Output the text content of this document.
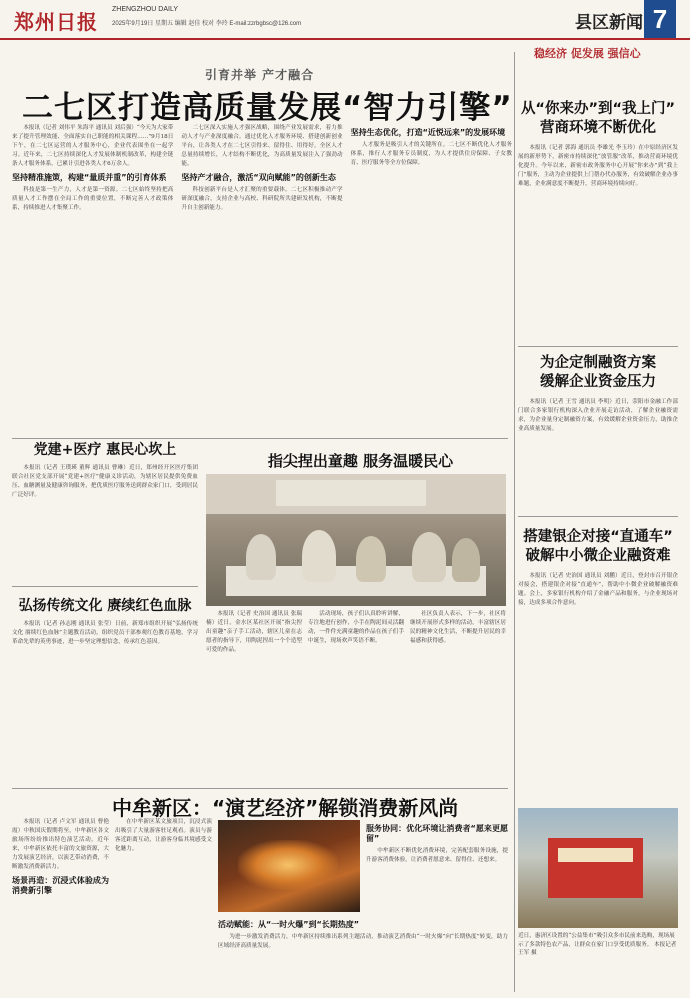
郑州日报
ZHENGZHOU DAILY
2025年9月19日 星期五 编辑 赵佳 校对 李玲 E-mail:zzrbgbsc@126.com	县区新闻 7
稳经济 促发展 强信心
引育并举 产才融合
二七区打造高质量发展“智力引擎”

本报讯（记者 刘伟平 朱海平 通讯员 刘后强）“今天为大家带来了提升管理效能、全面落实自己职能的相关课程……”9月18日下午，在二七区运营的人才服务中心，企业代表围坐在一起学习。近年来，二七区持续深化人才发展体制机制改革，构建全链条人才服务体系，已累计引进各类人才6万余人。

坚持精准施策，构建“量质并重”的引育体系

科技是第一生产力，人才是第一资源。二七区始终坚持把高质量人才工作摆在全局工作的重要位置，不断完善人才政策体系，持续推进人才集聚工作。

二七区深入实施人才强区战略，围绕产业发展需求，着力推动人才与产业深度融合。通过优化人才服务环境、搭建创新创业平台，让各类人才在二七区引得来、留得住、用得好。全区人才总量持续增长，人才结构不断优化，为高质量发展注入了强劲动能。

坚持产才融合，激活“双向赋能”的创新生态

科技创新平台是人才汇聚的重要载体。二七区积极推动产学研深度融合，支持企业与高校、科研院所共建研发机构，不断提升自主创新能力。

坚持生态优化，打造“近悦远来”的发展环境

人才服务是吸引人才的关键所在。二七区不断优化人才服务体系，推行人才服务专员制度，为人才提供住房保障、子女教育、医疗服务等全方位保障。

从“你来办”到“我上门”
营商环境不断优化

本报讯（记者 郭海 通讯员 李雄光 李玉玲）在中原经济区发展的新形势下，新密市持续深化“放管服”改革，推动营商环境优化提升。今年以来，新密市政务服务中心开展“你来办”到“我上门”服务，主动为企业提供上门帮办代办服务，有效破解企业办事难题，企业满意度不断提升，营商环境持续向好。

为企定制融资方案
缓解企业资金压力

本报讯（记者 王雪 通讯员 李明）近日，荥阳市金融工作部门联合多家银行机构深入企业开展走访活动，了解企业融资需求，为企业量身定制融资方案，有效缓解企业资金压力，助推企业高质量发展。

搭建银企对接“直通车”
破解中小微企业融资难

本报讯（记者 史治国 通讯员 刘鹏）近日，登封市召开银企对接会，搭建银企对接“直通车”，帮助中小微企业破解融资难题。会上，多家银行机构介绍了金融产品和服务，与企业现场对接，达成多项合作意向。

党建+医疗 惠民心坎上

本报讯（记者 王璞瑛 董辉 通讯员 曹琳）近日，郑州经开区医疗集团联合社区党支部开展“党建+医疗”健康义诊活动，为辖区居民提供免费血压、血糖测量及健康咨询服务，把优质医疗服务送到群众家门口，受到居民广泛好评。

弘扬传统文化 赓续红色血脉

本报讯（记者 孙志刚 通讯员 张莹）日前，新郑市组织开展“弘扬传统文化 赓续红色血脉”主题教育活动，组织党员干部参观红色教育基地，学习革命先辈的英勇事迹，进一步坚定理想信念，传承红色基因。

指尖捏出童趣 服务温暖民心

本报讯（记者 史治国 通讯员 张瑞楠）近日，金水区某社区开展“指尖捏出童趣”亲子手工活动，辖区儿童在志愿者的指导下，用陶泥捏出一个个造型可爱的作品。

活动现场，孩子们认真聆听讲解，专注地进行创作，小手在陶泥间灵活翻动，一件件充满童趣的作品在孩子们手中诞生，现场欢声笑语不断。

社区负责人表示，下一步，社区将继续开展形式多样的活动，丰富辖区居民的精神文化生活，不断提升居民的幸福感和获得感。

中牟新区：“演艺经济”解锁消费新风尚

本报讯（记者 卢文军 通讯员 曹艳霞）中秋国庆假期将至，中牟新区各文旅场所纷纷推出特色演艺活动。近年来，中牟新区依托丰富的文旅资源，大力发展演艺经济，以演艺带动消费，不断激发消费新活力。

场景再造：沉浸式体验成为消费新引擎

在中牟新区某文旅项目，沉浸式演出吸引了大量游客驻足观看。演员与游客近距离互动，让游客身临其境感受文化魅力。

服务协同：优化环境让消费者“愿来更愿留”

中牟新区不断优化消费环境，完善配套服务设施，提升游客消费体验，让消费者愿意来、留得住、还想来。

活动赋能：从“一时火爆”到“长期热度”

为进一步激发消费活力，中牟新区持续推出系列主题活动，推动演艺消费由“一时火爆”向“长期热度”转变，助力区域经济高质量发展。

近日，惠济区设置的“公益集市”吸引众多市民前来选购，现场展示了多款特色农产品，让群众在家门口享受优质服务。 本报记者 王军 摄
